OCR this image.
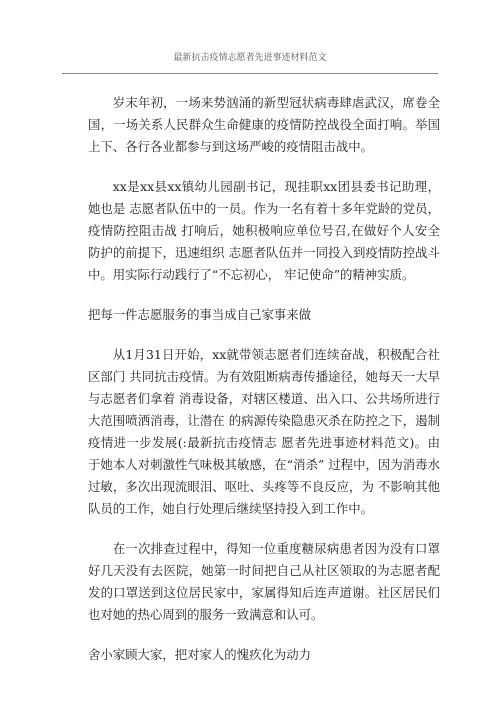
最新抗击疫情志愿者先进事迹材料范文

岁末年初，一场来势汹涌的新型冠状病毒肆虐武汉，席卷全国，一场关系人民群众生命健康的疫情防控战役全面打响。举国上下、各行各业都参与到这场严峻的疫情阻击战中。

xx是xx县xx镇幼儿园副书记，现挂职xx团县委书记助理，她也是 志愿者队伍中的一员。作为一名有着十多年党龄的党员，疫情防控阻击战 打响后，她积极响应单位号召,在做好个人安全防护的前提下，迅速组织 志愿者队伍并一同投入到疫情防控战斗中。用实际行动践行了“不忘初心， 牢记使命”的精神实质。

把每一件志愿服务的事当成自己家事来做

从1月31日开始，xx就带领志愿者们连续奋战，积极配合社区部门 共同抗击疫情。为有效阻断病毒传播途径，她每天一大早与志愿者们拿着 消毒设备，对辖区楼道、出入口、公共场所进行大范围喷洒消毒，让潜在 的病源传染隐患灭杀在防控之下，遏制疫情进一步发展(:最新抗击疫情志 愿者先进事迹材料范文)。由于她本人对刺激性气味极其敏感，在“消杀” 过程中，因为消毒水过敏，多次出现流眼泪、呕吐、头疼等不良反应，为 不影响其他队员的工作，她自行处理后继续坚持投入到工作中。

在一次排查过程中，得知一位重度糖尿病患者因为没有口罩好几天没有去医院，她第一时间把自己从社区领取的为志愿者配发的口罩送到这位居民家中，家属得知后连声道谢。社区居民们也对她的热心周到的服务一致满意和认可。

舍小家顾大家，把对家人的愧疚化为动力
